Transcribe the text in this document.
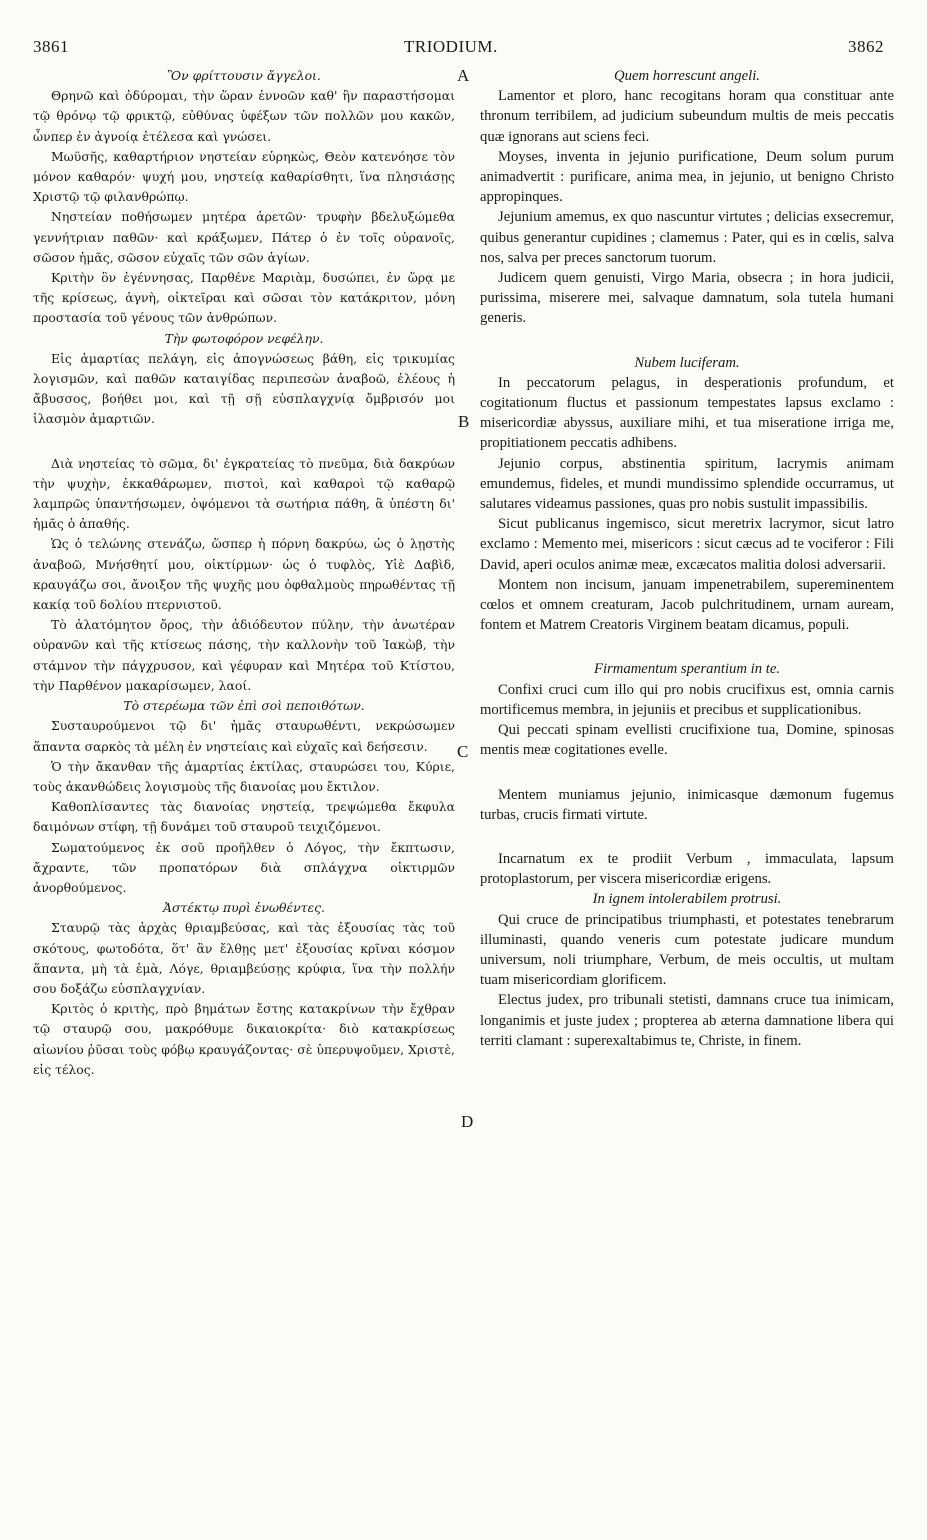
3861	TRIODIUM.	3862
A
B
C
D

Ὃν φρίττουσιν ἄγγελοι.

Θρηνῶ καὶ ὀδύρομαι, τὴν ὥραν ἐννοῶν καθ' ἣν παραστήσομαι τῷ θρόνῳ τῷ φρικτῷ, εὐθύνας ὑφέξων τῶν πολλῶν μου κακῶν, ὧνπερ ἐν ἀγνοίᾳ ἐτέλεσα καὶ γνώσει.

Μωϋσῆς, καθαρτήριον νηστείαν εὑρηκὼς, Θεὸν κατενόησε τὸν μόνον καθαρόν· ψυχή μου, νηστείᾳ καθαρίσθητι, ἵνα πλησιάσῃς Χριστῷ τῷ φιλανθρώπῳ.

Νηστείαν ποθήσωμεν μητέρα ἀρετῶν· τρυφὴν βδελυξώμεθα γεννήτριαν παθῶν· καὶ κράξωμεν, Πάτερ ὁ ἐν τοῖς οὐρανοῖς, σῶσον ἡμᾶς, σῶσον εὐχαῖς τῶν σῶν ἁγίων.

Κριτὴν ὃν ἐγέννησας, Παρθένε Μαριὰμ, δυσώπει, ἐν ὥρᾳ με τῆς κρίσεως, ἁγνὴ, οἰκτεῖραι καὶ σῶσαι τὸν κατάκριτον, μόνη προστασία τοῦ γένους τῶν ἀνθρώπων.

Τὴν φωτοφόρον νεφέλην.

Εἰς ἁμαρτίας πελάγη, εἰς ἀπογνώσεως βάθη, εἰς τρικυμίας λογισμῶν, καὶ παθῶν καταιγίδας περιπεσὼν ἀναβοῶ, ἐλέους ἡ ἄβυσσος, βοήθει μοι, καὶ τῇ σῇ εὐσπλαγχνίᾳ ὄμβρισόν μοι ἱλασμὸν ἁμαρτιῶν.

Διὰ νηστείας τὸ σῶμα, δι' ἐγκρατείας τὸ πνεῦμα, διὰ δακρύων τὴν ψυχὴν, ἐκκαθάρωμεν, πιστοὶ, καὶ καθαροὶ τῷ καθαρῷ λαμπρῶς ὑπαντήσωμεν, ὀψόμενοι τὰ σωτήρια πάθη, ἃ ὑπέστη δι' ἡμᾶς ὁ ἀπαθής.

Ὡς ὁ τελώνης στενάζω, ὥσπερ ἡ πόρνη δακρύω, ὡς ὁ λῃστὴς ἀναβοῶ, Μνήσθητί μου, οἰκτίρμων· ὡς ὁ τυφλὸς, Υἱὲ Δαβὶδ, κραυγάζω σοι, ἄνοιξον τῆς ψυχῆς μου ὀφθαλμοὺς πηρωθέντας τῇ κακίᾳ τοῦ δολίου πτερνιστοῦ.

Τὸ ἀλατόμητον ὄρος, τὴν ἀδιόδευτον πύλην, τὴν ἀνωτέραν οὐρανῶν καὶ τῆς κτίσεως πάσης, τὴν καλλονὴν τοῦ Ἰακὼβ, τὴν στάμνον τὴν πάγχρυσον, καὶ γέφυραν καὶ Μητέρα τοῦ Κτίστου, τὴν Παρθένον μακαρίσωμεν, λαοί.

Τὸ στερέωμα τῶν ἐπὶ σοὶ πεποιθότων.

Συσταυρούμενοι τῷ δι' ἡμᾶς σταυρωθέντι, νεκρώσωμεν ἅπαντα σαρκὸς τὰ μέλη ἐν νηστείαις καὶ εὐχαῖς καὶ δεήσεσιν.

Ὁ τὴν ἄκανθαν τῆς ἁμαρτίας ἐκτίλας, σταυρώσει του, Κύριε, τοὺς ἀκανθώδεις λογισμοὺς τῆς διανοίας μου ἔκτιλον.

Καθοπλίσαντες τὰς διανοίας νηστείᾳ, τρεψώμεθα ἔκφυλα δαιμόνων στίφη, τῇ δυνάμει τοῦ σταυροῦ τειχιζόμενοι.

Σωματούμενος ἐκ σοῦ προῆλθεν ὁ Λόγος, τὴν ἔκπτωσιν, ἄχραντε, τῶν προπατόρων διὰ σπλάγχνα οἰκτιρμῶν ἀνορθούμενος.

Ἀστέκτῳ πυρὶ ἑνωθέντες.

Σταυρῷ τὰς ἀρχὰς θριαμβεύσας, καὶ τὰς ἐξουσίας τὰς τοῦ σκότους, φωτοδότα, ὅτ' ἂν ἔλθῃς μετ' ἐξουσίας κρῖναι κόσμον ἅπαντα, μὴ τὰ ἐμὰ, Λόγε, θριαμβεύσῃς κρύφια, ἵνα τὴν πολλήν σου δοξάζω εὐσπλαγχνίαν.

Κριτὸς ὁ κριτὴς, πρὸ βημάτων ἔστης κατακρίνων τὴν ἔχθραν τῷ σταυρῷ σου, μακρόθυμε δικαιοκρίτα· διὸ κατακρίσεως αἰωνίου ῥῦσαι τοὺς φόβῳ κραυγάζοντας· σὲ ὑπερυψοῦμεν, Χριστὲ, εἰς τέλος.

Quem horrescunt angeli.

Lamentor et ploro, hanc recogitans horam qua constituar ante thronum terribilem, ad judicium subeundum multis de meis peccatis quæ ignorans aut sciens feci.

Moyses, inventa in jejunio purificatione, Deum solum purum animadvertit : purificare, anima mea, in jejunio, ut benigno Christo appropinques.

Jejunium amemus, ex quo nascuntur virtutes ; delicias exsecremur, quibus generantur cupidines ; clamemus : Pater, qui es in cœlis, salva nos, salva per preces sanctorum tuorum.

Judicem quem genuisti, Virgo Maria, obsecra ; in hora judicii, purissima, miserere mei, salvaque damnatum, sola tutela humani generis.

Nubem luciferam.

In peccatorum pelagus, in desperationis profundum, et cogitationum fluctus et passionum tempestates lapsus exclamo : misericordiæ abyssus, auxiliare mihi, et tua miseratione irriga me, propitiationem peccatis adhibens.

Jejunio corpus, abstinentia spiritum, lacrymis animam emundemus, fideles, et mundi mundissimo splendide occurramus, ut salutares videamus passiones, quas pro nobis sustulit impassibilis.

Sicut publicanus ingemisco, sicut meretrix lacrymor, sicut latro exclamo : Memento mei, misericors : sicut cæcus ad te vociferor : Fili David, aperi oculos animæ meæ, excæcatos malitia dolosi adversarii.

Montem non incisum, januam impenetrabilem, supereminentem cœlos et omnem creaturam, Jacob pulchritudinem, urnam auream, fontem et Matrem Creatoris Virginem beatam dicamus, populi.

Firmamentum sperantium in te.

Confixi cruci cum illo qui pro nobis crucifixus est, omnia carnis mortificemus membra, in jejuniis et precibus et supplicationibus.

Qui peccati spinam evellisti crucifixione tua, Domine, spinosas mentis meæ cogitationes evelle.

Mentem muniamus jejunio, inimicasque dæmonum fugemus turbas, crucis firmati virtute.

Incarnatum ex te prodiit Verbum , immaculata, lapsum protoplastorum, per viscera misericordiæ erigens.

In ignem intolerabilem protrusi.

Qui cruce de principatibus triumphasti, et potestates tenebrarum illuminasti, quando veneris cum potestate judicare mundum universum, noli triumphare, Verbum, de meis occultis, ut multam tuam misericordiam glorificem.

Electus judex, pro tribunali stetisti, damnans cruce tua inimicam, longanimis et juste judex ; propterea ab æterna damnatione libera qui territi clamant : superexaltabimus te, Christe, in finem.
